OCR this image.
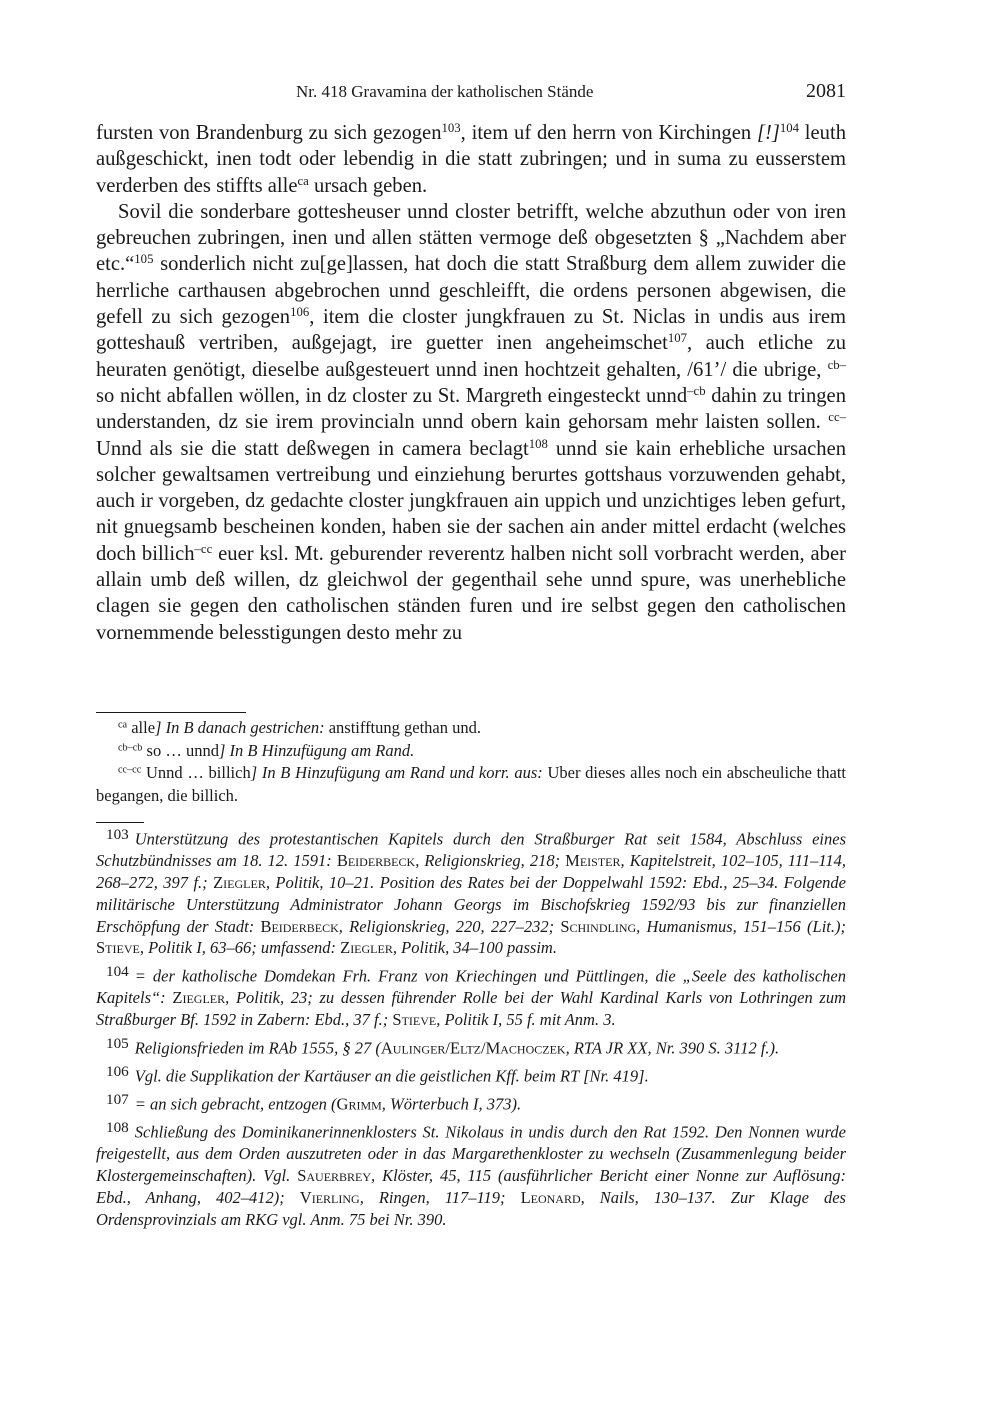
Nr. 418 Gravamina der katholischen Stände	2081

fursten von Brandenburg zu sich gezogen$^{103}$, item uf den herrn von Kirchingen [!]$^{104}$ leuth außgeschickt, inen todt oder lebendig in die statt zubringen; und in suma zu eusserstem verderben des stiffts alle$^{ca}$ ursach geben.

Sovil die sonderbare gottesheuser unnd closter betrifft, welche abzuthun oder von iren gebreuchen zubringen, inen und allen stätten vermoge deß obgesetzten § „Nachdem aber etc.“$^{105}$ sonderlich nicht zu[ge]lassen, hat doch die statt Straßburg dem allem zuwider die herrliche carthausen abgebrochen unnd geschleifft, die ordens personen abgewisen, die gefell zu sich gezogen$^{106}$, item die closter jungkfrauen zu St. Niclas in undis aus irem gotteshauß vertriben, außgejagt, ire guetter inen angeheimschet$^{107}$, auch etliche zu heuraten genötigt, dieselbe außgesteuert unnd inen hochtzeit gehalten, /61’/ die ubrige, $^{cb-}$so nicht abfallen wöllen, in dz closter zu St. Margreth eingesteckt unnd$^{-cb}$ dahin zu tringen understanden, dz sie irem provincialn unnd obern kain gehorsam mehr laisten sollen. $^{cc-}$Unnd als sie die statt deßwegen in camera beclagt$^{108}$ unnd sie kain erhebliche ursachen solcher gewaltsamen vertreibung und einziehung berurtes gottshaus vorzuwenden gehabt, auch ir vorgeben, dz gedachte closter jungkfrauen ain uppich und unzichtiges leben gefurt, nit gnuegsamb bescheinen konden, haben sie der sachen ain ander mittel erdacht (welches doch billich$^{-cc}$ euer ksl. Mt. geburender reverentz halben nicht soll vorbracht werden, aber allain umb deß willen, dz gleichwol der gegenthail sehe unnd spure, was unerhebliche clagen sie gegen den catholischen ständen furen und ire selbst gegen den catholischen vornemmende belesstigungen desto mehr zu

$^{ca}$ alle] In B danach gestrichen: anstifftung gethan und.

$^{cb-cb}$ so … unnd] In B Hinzufügung am Rand.

$^{cc-cc}$ Unnd … billich] In B Hinzufügung am Rand und korr. aus: Uber dieses alles noch ein abscheuliche thatt begangen, die billich.

103 Unterstützung des protestantischen Kapitels durch den Straßburger Rat seit 1584, Abschluss eines Schutzbündnisses am 18. 12. 1591: Beiderbeck, Religionskrieg, 218; Meister, Kapitelstreit, 102–105, 111–114, 268–272, 397 f.; Ziegler, Politik, 10–21. Position des Rates bei der Doppelwahl 1592: Ebd., 25–34. Folgende militärische Unterstützung Administrator Johann Georgs im Bischofskrieg 1592/93 bis zur finanziellen Erschöpfung der Stadt: Beiderbeck, Religionskrieg, 220, 227–232; Schindling, Humanismus, 151–156 (Lit.); Stieve, Politik I, 63–66; umfassend: Ziegler, Politik, 34–100 passim.

104 = der katholische Domdekan Frh. Franz von Kriechingen und Püttlingen, die „Seele des katholischen Kapitels“: Ziegler, Politik, 23; zu dessen führender Rolle bei der Wahl Kardinal Karls von Lothringen zum Straßburger Bf. 1592 in Zabern: Ebd., 37 f.; Stieve, Politik I, 55 f. mit Anm. 3.

105 Religionsfrieden im RAb 1555, § 27 (Aulinger/Eltz/Machoczek, RTA JR XX, Nr. 390 S. 3112 f.).

106 Vgl. die Supplikation der Kartäuser an die geistlichen Kff. beim RT [Nr. 419].

107 = an sich gebracht, entzogen (Grimm, Wörterbuch I, 373).

108 Schließung des Dominikanerinnenklosters St. Nikolaus in undis durch den Rat 1592. Den Nonnen wurde freigestellt, aus dem Orden auszutreten oder in das Margarethenkloster zu wechseln (Zusammenlegung beider Klostergemeinschaften). Vgl. Sauerbrey, Klöster, 45, 115 (ausführlicher Bericht einer Nonne zur Auflösung: Ebd., Anhang, 402–412); Vierling, Ringen, 117–119; Leonard, Nails, 130–137. Zur Klage des Ordensprovinzials am RKG vgl. Anm. 75 bei Nr. 390.
